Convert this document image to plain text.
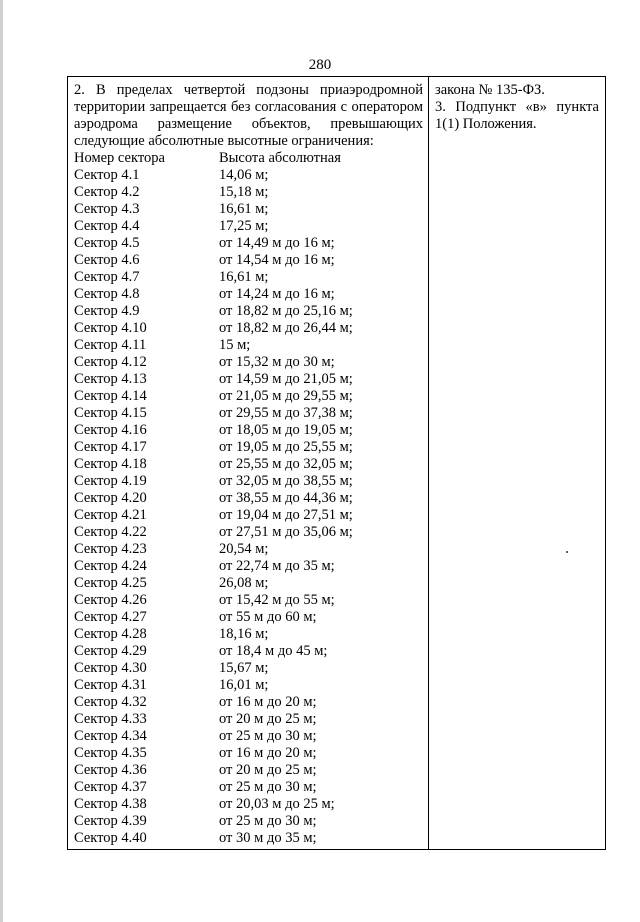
280
2. В пределах четвертой подзоны приаэродромной
территории запрещается без согласования с оператором
аэродрома размещение объектов, превышающих
следующие абсолютные высотные ограничения:
Номер сектора	Высота абсолютная
Сектор 4.1	14,06 м;
Сектор 4.2	15,18 м;
Сектор 4.3	16,61 м;
Сектор 4.4	17,25 м;
Сектор 4.5	от 14,49 м до 16 м;
Сектор 4.6	от 14,54 м до 16 м;
Сектор 4.7	16,61 м;
Сектор 4.8	от 14,24 м до 16 м;
Сектор 4.9	от 18,82 м до 25,16 м;
Сектор 4.10	от 18,82 м до 26,44 м;
Сектор 4.11	15 м;
Сектор 4.12	от 15,32 м до 30 м;
Сектор 4.13	от 14,59 м до 21,05 м;
Сектор 4.14	от 21,05 м до 29,55 м;
Сектор 4.15	от 29,55 м до 37,38 м;
Сектор 4.16	от 18,05 м до 19,05 м;
Сектор 4.17	от 19,05 м до 25,55 м;
Сектор 4.18	от 25,55 м до 32,05 м;
Сектор 4.19	от 32,05 м до 38,55 м;
Сектор 4.20	от 38,55 м до 44,36 м;
Сектор 4.21	от 19,04 м до 27,51 м;
Сектор 4.22	от 27,51 м до 35,06 м;
Сектор 4.23	20,54 м;
Сектор 4.24	от 22,74 м до 35 м;
Сектор 4.25	26,08 м;
Сектор 4.26	от 15,42 м до 55 м;
Сектор 4.27	от 55 м до 60 м;
Сектор 4.28	18,16 м;
Сектор 4.29	от 18,4 м до 45 м;
Сектор 4.30	15,67 м;
Сектор 4.31	16,01 м;
Сектор 4.32	от 16 м до 20 м;
Сектор 4.33	от 20 м до 25 м;
Сектор 4.34	от 25 м до 30 м;
Сектор 4.35	от 16 м до 20 м;
Сектор 4.36	от 20 м до 25 м;
Сектор 4.37	от 25 м до 30 м;
Сектор 4.38	от 20,03 м до 25 м;
Сектор 4.39	от 25 м до 30 м;
Сектор 4.40	от 30 м до 35 м;
закона № 135-ФЗ.
3. Подпункт «в» пункта
1(1) Положения.
